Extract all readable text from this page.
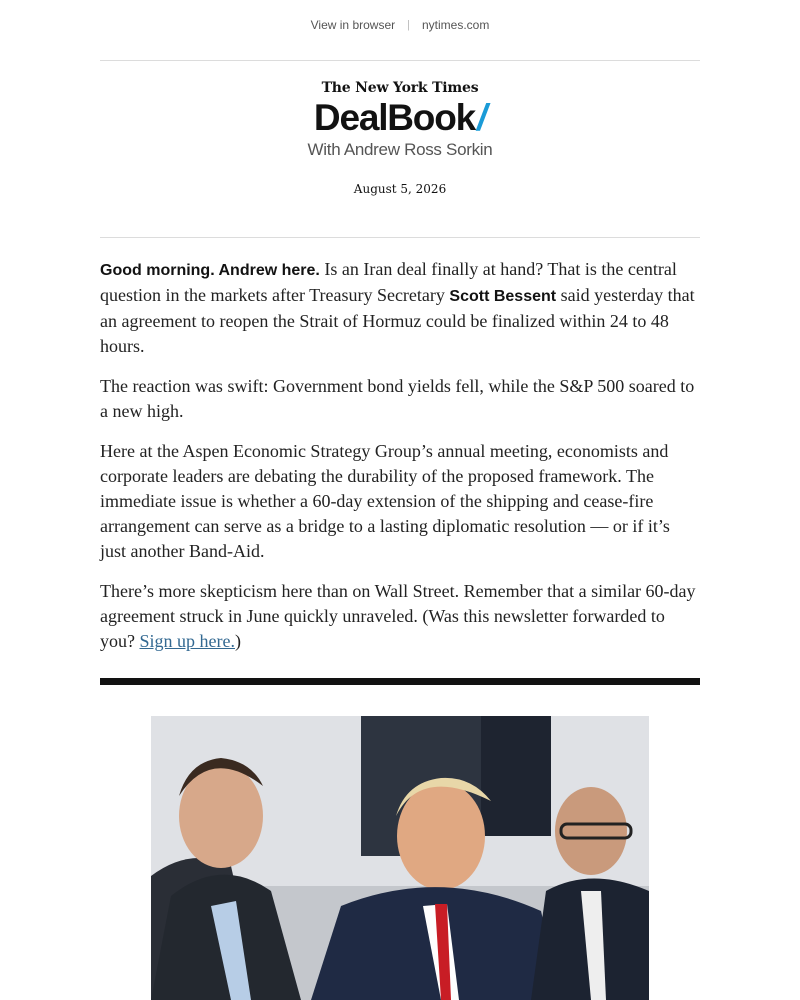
View in browser | nytimes.com
The New York Times
DealBook/
With Andrew Ross Sorkin
August 5, 2026

Good morning. Andrew here. Is an Iran deal finally at hand? That is the central question in the markets after Treasury Secretary Scott Bessent said yesterday that an agreement to reopen the Strait of Hormuz could be finalized within 24 to 48 hours.

The reaction was swift: Government bond yields fell, while the S&P 500 soared to a new high.

Here at the Aspen Economic Strategy Group’s annual meeting, economists and corporate leaders are debating the durability of the proposed framework. The immediate issue is whether a 60-day extension of the shipping and cease-fire arrangement can serve as a bridge to a lasting diplomatic resolution — or if it’s just another Band-Aid.

There’s more skepticism here than on Wall Street. Remember that a similar 60-day agreement struck in June quickly unraveled. (Was this newsletter forwarded to you? Sign up here.)
